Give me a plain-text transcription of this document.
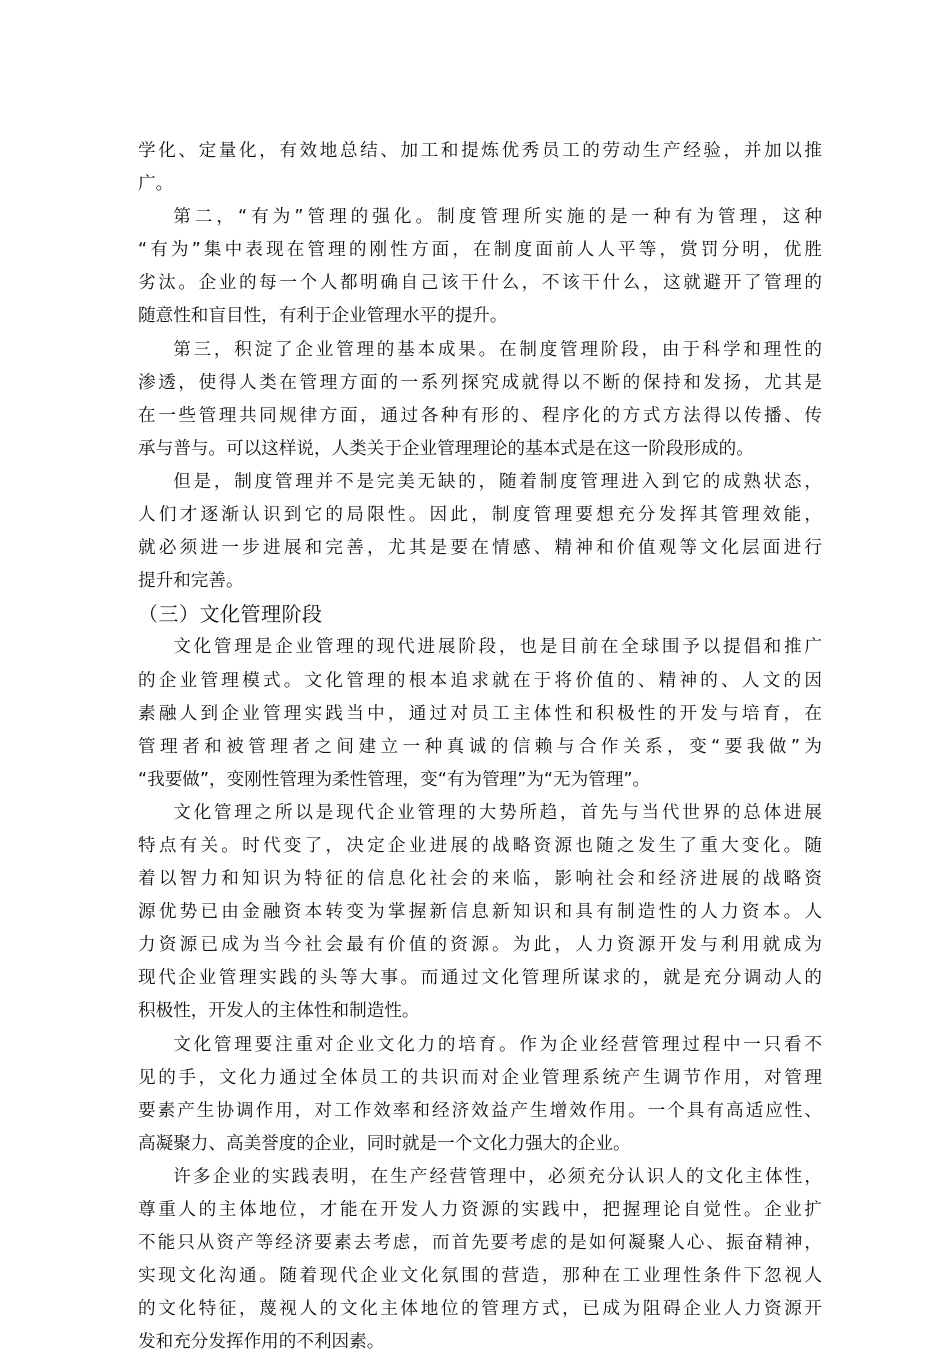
学化、定量化，有效地总结、加工和提炼优秀员工的劳动生产经验，并加以推
广。
第二，“有为”管理的强化。制度管理所实施的是一种有为管理，这种
“有为”集中表现在管理的刚性方面，在制度面前人人平等，赏罚分明，优胜
劣汰。企业的每一个人都明确自己该干什么，不该干什么，这就避开了管理的
随意性和盲目性，有利于企业管理水平的提升。
第三，积淀了企业管理的基本成果。在制度管理阶段，由于科学和理性的
渗透，使得人类在管理方面的一系列探究成就得以不断的保持和发扬，尤其是
在一些管理共同规律方面，通过各种有形的、程序化的方式方法得以传播、传
承与普与。可以这样说，人类关于企业管理理论的基本式是在这一阶段形成的。
但是，制度管理并不是完美无缺的，随着制度管理进入到它的成熟状态，
人们才逐渐认识到它的局限性。因此，制度管理要想充分发挥其管理效能，
就必须进一步进展和完善，尤其是要在情感、精神和价值观等文化层面进行
提升和完善。
（三）文化管理阶段
文化管理是企业管理的现代进展阶段，也是目前在全球围予以提倡和推广
的企业管理模式。文化管理的根本追求就在于将价值的、精神的、人文的因
素融人到企业管理实践当中，通过对员工主体性和积极性的开发与培育，在
管理者和被管理者之间建立一种真诚的信赖与合作关系，变“要我做”为
“我要做”，变刚性管理为柔性管理，变“有为管理”为“无为管理”。
文化管理之所以是现代企业管理的大势所趋，首先与当代世界的总体进展
特点有关。时代变了，决定企业进展的战略资源也随之发生了重大变化。随
着以智力和知识为特征的信息化社会的来临，影响社会和经济进展的战略资
源优势已由金融资本转变为掌握新信息新知识和具有制造性的人力资本。人
力资源已成为当今社会最有价值的资源。为此，人力资源开发与利用就成为
现代企业管理实践的头等大事。而通过文化管理所谋求的，就是充分调动人的
积极性，开发人的主体性和制造性。
文化管理要注重对企业文化力的培育。作为企业经营管理过程中一只看不
见的手，文化力通过全体员工的共识而对企业管理系统产生调节作用，对管理
要素产生协调作用，对工作效率和经济效益产生增效作用。一个具有高适应性、
高凝聚力、高美誉度的企业，同时就是一个文化力强大的企业。
许多企业的实践表明，在生产经营管理中，必须充分认识人的文化主体性，
尊重人的主体地位，才能在开发人力资源的实践中，把握理论自觉性。企业扩
不能只从资产等经济要素去考虑，而首先要考虑的是如何凝聚人心、振奋精神，
实现文化沟通。随着现代企业文化氛围的营造，那种在工业理性条件下忽视人
的文化特征，蔑视人的文化主体地位的管理方式，已成为阻碍企业人力资源开
发和充分发挥作用的不利因素。
